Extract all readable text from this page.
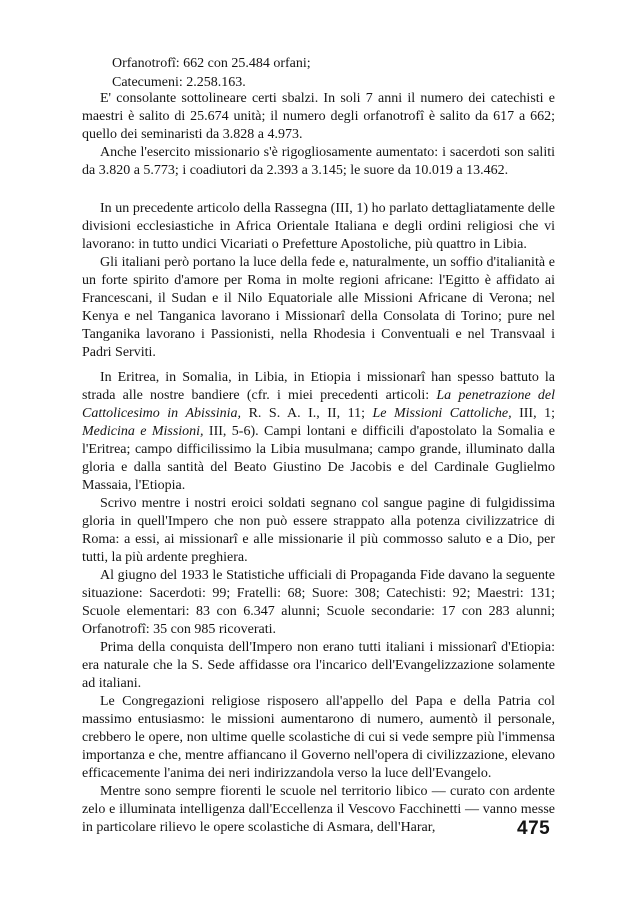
Orfanotrofî: 662 con 25.484 orfani;
Catecumeni: 2.258.163.

E' consolante sottolineare certi sbalzi. In soli 7 anni il numero dei catechisti e maestri è salito di 25.674 unità; il numero degli orfanotrofî è salito da 617 a 662; quello dei seminaristi da 3.828 a 4.973.

Anche l'esercito missionario s'è rigogliosamente aumentato: i sacerdoti son saliti da 3.820 a 5.773; i coadiutori da 2.393 a 3.145; le suore da 10.019 a 13.462.

In un precedente articolo della Rassegna (III, 1) ho parlato dettagliatamente delle divisioni ecclesiastiche in Africa Orientale Italiana e degli ordini religiosi che vi lavorano: in tutto undici Vicariati o Prefetture Apostoliche, più quattro in Libia.

Gli italiani però portano la luce della fede e, naturalmente, un soffio d'italianità e un forte spirito d'amore per Roma in molte regioni africane: l'Egitto è affidato ai Francescani, il Sudan e il Nilo Equatoriale alle Missioni Africane di Verona; nel Kenya e nel Tanganica lavorano i Missionarî della Consolata di Torino; pure nel Tanganika lavorano i Passionisti, nella Rhodesia i Conventuali e nel Transvaal i Padri Serviti.

In Eritrea, in Somalia, in Libia, in Etiopia i missionarî han spesso battuto la strada alle nostre bandiere (cfr. i miei precedenti articoli: La penetrazione del Cattolicesimo in Abissinia, R. S. A. I., II, 11; Le Missioni Cattoliche, III, 1; Medicina e Missioni, III, 5-6). Campi lontani e difficili d'apostolato la Somalia e l'Eritrea; campo difficilissimo la Libia musulmana; campo grande, illuminato dalla gloria e dalla santità del Beato Giustino De Jacobis e del Cardinale Guglielmo Massaia, l'Etiopia.

Scrivo mentre i nostri eroici soldati segnano col sangue pagine di fulgidissima gloria in quell'Impero che non può essere strappato alla potenza civilizzatrice di Roma: a essi, ai missionarî e alle missionarie il più commosso saluto e a Dio, per tutti, la più ardente preghiera.

Al giugno del 1933 le Statistiche ufficiali di Propaganda Fide davano la seguente situazione: Sacerdoti: 99; Fratelli: 68; Suore: 308; Catechisti: 92; Maestri: 131; Scuole elementari: 83 con 6.347 alunni; Scuole secondarie: 17 con 283 alunni; Orfanotrofî: 35 con 985 ricoverati.

Prima della conquista dell'Impero non erano tutti italiani i missionarî d'Etiopia: era naturale che la S. Sede affidasse ora l'incarico dell'Evangelizzazione solamente ad italiani.

Le Congregazioni religiose risposero all'appello del Papa e della Patria col massimo entusiasmo: le missioni aumentarono di numero, aumentò il personale, crebbero le opere, non ultime quelle scolastiche di cui si vede sempre più l'immensa importanza e che, mentre affiancano il Governo nell'opera di civilizzazione, elevano efficacemente l'anima dei neri indirizzandola verso la luce dell'Evangelo.

Mentre sono sempre fiorenti le scuole nel territorio libico — curato con ardente zelo e illuminata intelligenza dall'Eccellenza il Vescovo Facchinetti — vanno messe in particolare rilievo le opere scolastiche di Asmara, dell'Harar,	475
